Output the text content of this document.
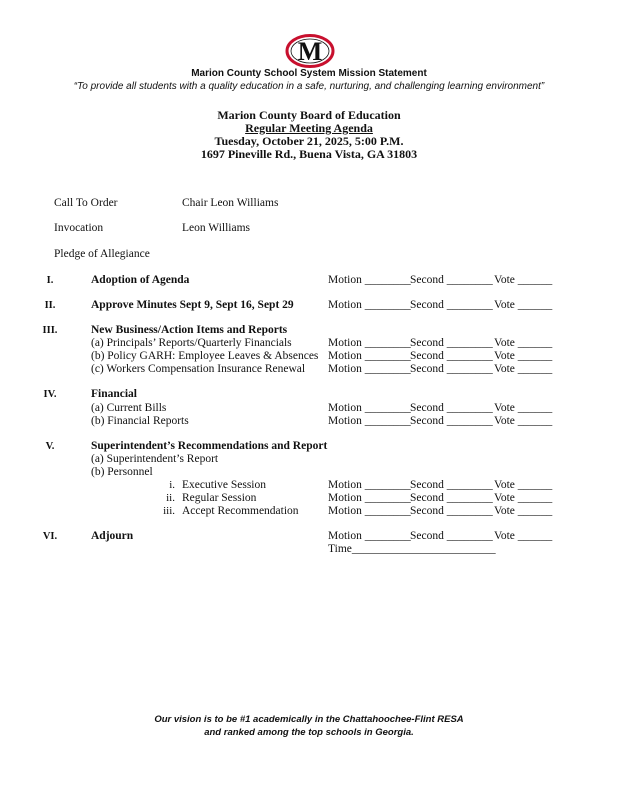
M
Marion County School System Mission Statement
“To provide all students with a quality education in a safe, nurturing, and challenging learning environment”
Marion County Board of Education
Regular Meeting Agenda
Tuesday, October 21, 2025, 5:00 P.M.
1697 Pineville Rd., Buena Vista, GA 31803
Call To Order	Chair Leon Williams
Invocation	Leon Williams
Pledge of Allegiance
I.	Adoption of Agenda	Motion ________ Second ________ Vote ______
II.	Approve Minutes Sept 9, Sept 16, Sept 29	Motion ________ Second ________ Vote ______
III.	New Business/Action Items and Reports
(a) Principals’ Reports/Quarterly Financials	Motion ________ Second ________ Vote ______
(b) Policy GARH: Employee Leaves & Absences Motion ________ Second ________ Vote ______
(c) Workers Compensation Insurance Renewal Motion ________ Second ________ Vote ______
IV.	Financial
(a) Current Bills	Motion ________ Second ________ Vote ______
(b) Financial Reports	Motion ________ Second ________ Vote ______
V.	Superintendent’s Recommendations and Report
(a) Superintendent’s Report
(b) Personnel
i. Executive Session	Motion ________ Second ________ Vote ______
ii. Regular Session	Motion ________ Second ________ Vote ______
iii. Accept Recommendation	Motion ________ Second ________ Vote ______
VI.	Adjourn	Motion ________ Second ________ Vote ______
Time_________________________
Our vision is to be #1 academically in the Chattahoochee-Flint RESA
and ranked among the top schools in Georgia.
